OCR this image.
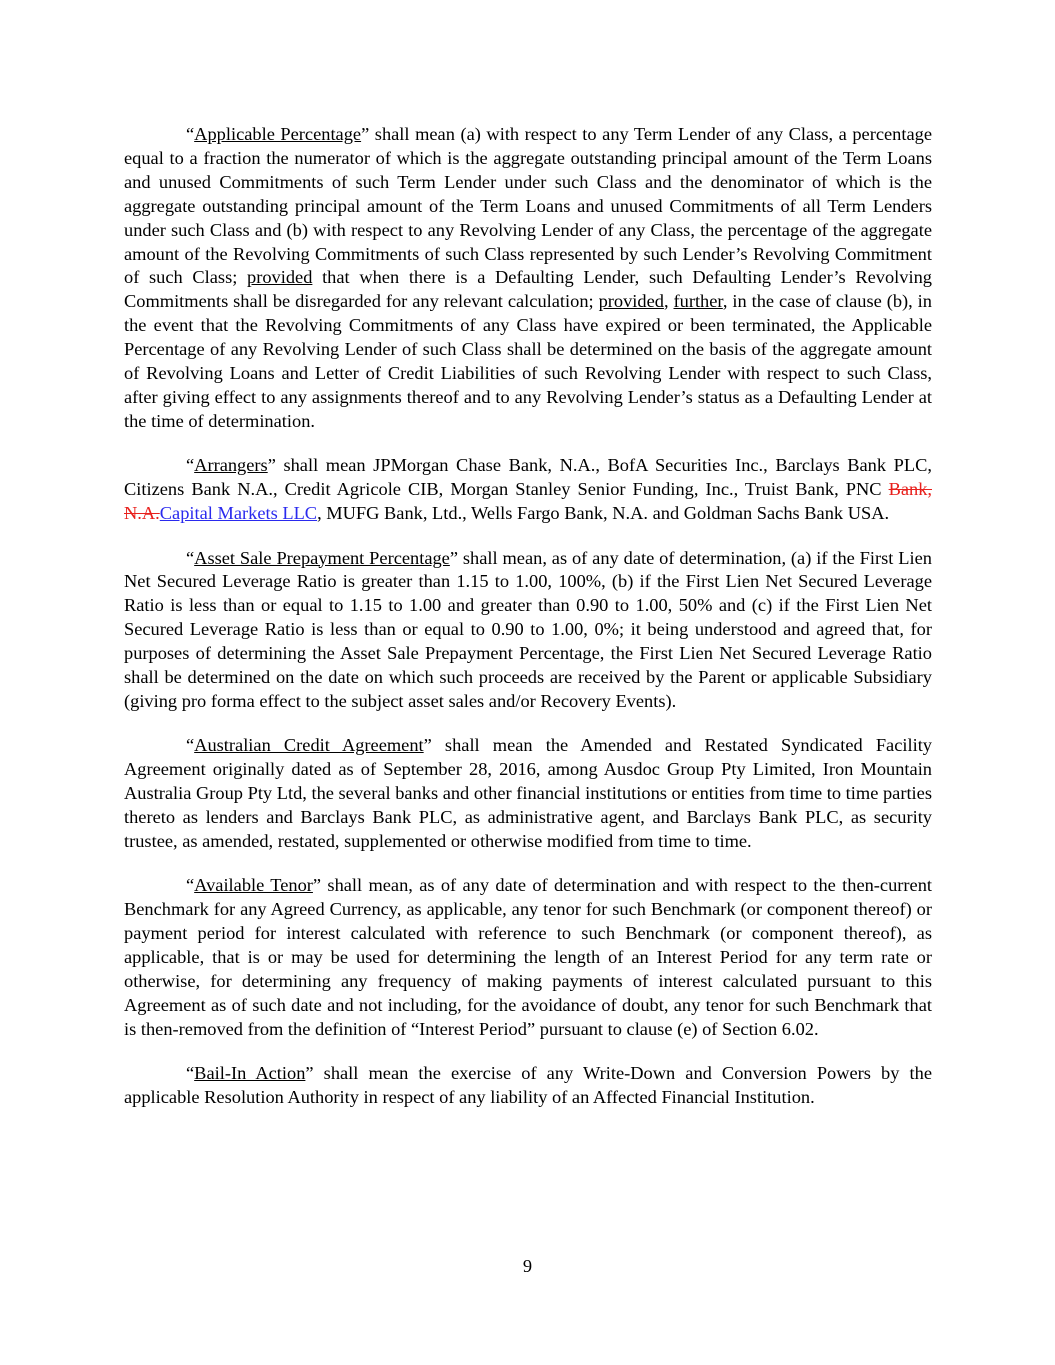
“Applicable Percentage” shall mean (a) with respect to any Term Lender of any Class, a percentage equal to a fraction the numerator of which is the aggregate outstanding principal amount of the Term Loans and unused Commitments of such Term Lender under such Class and the denominator of which is the aggregate outstanding principal amount of the Term Loans and unused Commitments of all Term Lenders under such Class and (b) with respect to any Revolving Lender of any Class, the percentage of the aggregate amount of the Revolving Commitments of such Class represented by such Lender’s Revolving Commitment of such Class; provided that when there is a Defaulting Lender, such Defaulting Lender’s Revolving Commitments shall be disregarded for any relevant calculation; provided, further, in the case of clause (b), in the event that the Revolving Commitments of any Class have expired or been terminated, the Applicable Percentage of any Revolving Lender of such Class shall be determined on the basis of the aggregate amount of Revolving Loans and Letter of Credit Liabilities of such Revolving Lender with respect to such Class, after giving effect to any assignments thereof and to any Revolving Lender’s status as a Defaulting Lender at the time of determination.

“Arrangers” shall mean JPMorgan Chase Bank, N.A., BofA Securities Inc., Barclays Bank PLC, Citizens Bank N.A., Credit Agricole CIB, Morgan Stanley Senior Funding, Inc., Truist Bank, PNC Bank, N.A.Capital Markets LLC, MUFG Bank, Ltd., Wells Fargo Bank, N.A. and Goldman Sachs Bank USA.

“Asset Sale Prepayment Percentage” shall mean, as of any date of determination, (a) if the First Lien Net Secured Leverage Ratio is greater than 1.15 to 1.00, 100%, (b) if the First Lien Net Secured Leverage Ratio is less than or equal to 1.15 to 1.00 and greater than 0.90 to 1.00, 50% and (c) if the First Lien Net Secured Leverage Ratio is less than or equal to 0.90 to 1.00, 0%; it being understood and agreed that, for purposes of determining the Asset Sale Prepayment Percentage, the First Lien Net Secured Leverage Ratio shall be determined on the date on which such proceeds are received by the Parent or applicable Subsidiary (giving pro forma effect to the subject asset sales and/or Recovery Events).

“Australian Credit Agreement” shall mean the Amended and Restated Syndicated Facility Agreement originally dated as of September 28, 2016, among Ausdoc Group Pty Limited, Iron Mountain Australia Group Pty Ltd, the several banks and other financial institutions or entities from time to time parties thereto as lenders and Barclays Bank PLC, as administrative agent, and Barclays Bank PLC, as security trustee, as amended, restated, supplemented or otherwise modified from time to time.

“Available Tenor” shall mean, as of any date of determination and with respect to the then-current Benchmark for any Agreed Currency, as applicable, any tenor for such Benchmark (or component thereof) or payment period for interest calculated with reference to such Benchmark (or component thereof), as applicable, that is or may be used for determining the length of an Interest Period for any term rate or otherwise, for determining any frequency of making payments of interest calculated pursuant to this Agreement as of such date and not including, for the avoidance of doubt, any tenor for such Benchmark that is then-removed from the definition of “Interest Period” pursuant to clause (e) of Section 6.02.

“Bail-In Action” shall mean the exercise of any Write-Down and Conversion Powers by the applicable Resolution Authority in respect of any liability of an Affected Financial Institution.

9
